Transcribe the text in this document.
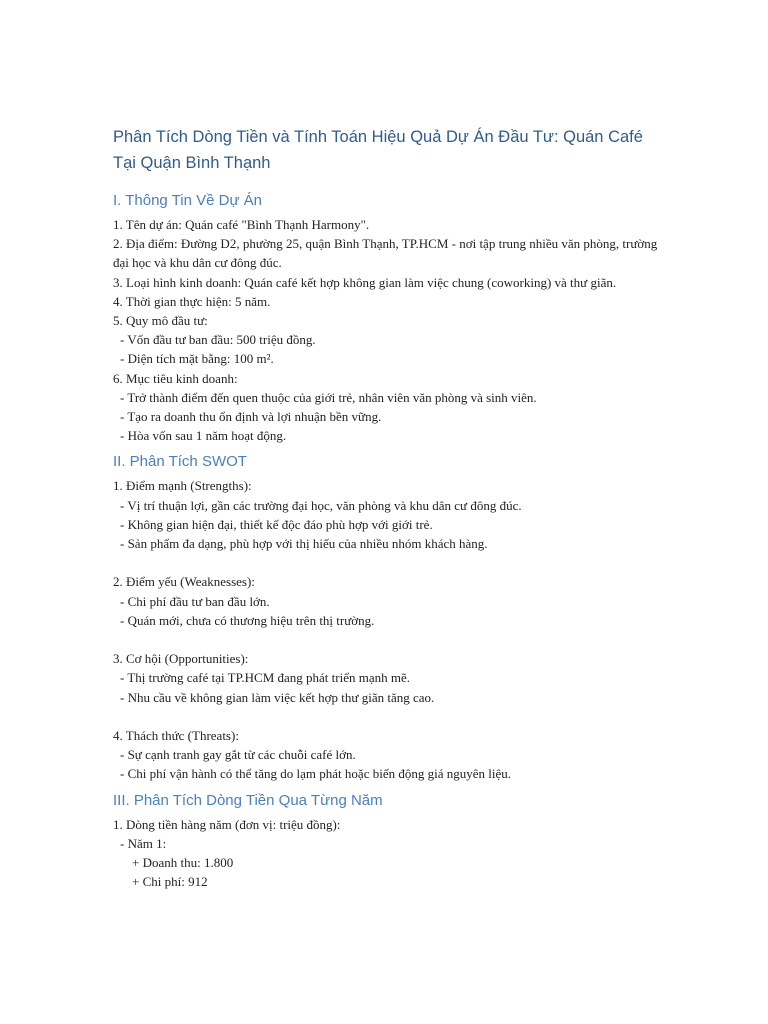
Phân Tích Dòng Tiền và Tính Toán Hiệu Quả Dự Án Đầu Tư: Quán Café Tại Quận Bình Thạnh
I. Thông Tin Về Dự Án

1. Tên dự án: Quán café "Bình Thạnh Harmony".

2. Địa điểm: Đường D2, phường 25, quận Bình Thạnh, TP.HCM - nơi tập trung nhiều văn phòng, trường đại học và khu dân cư đông đúc.

3. Loại hình kinh doanh: Quán café kết hợp không gian làm việc chung (coworking) và thư giãn.

4. Thời gian thực hiện: 5 năm.

5. Quy mô đầu tư:

- Vốn đầu tư ban đầu: 500 triệu đồng.

- Diện tích mặt bằng: 100 m².

6. Mục tiêu kinh doanh:

- Trở thành điểm đến quen thuộc của giới trẻ, nhân viên văn phòng và sinh viên.

- Tạo ra doanh thu ổn định và lợi nhuận bền vững.

- Hòa vốn sau 1 năm hoạt động.

II. Phân Tích SWOT

1. Điểm mạnh (Strengths):

- Vị trí thuận lợi, gần các trường đại học, văn phòng và khu dân cư đông đúc.

- Không gian hiện đại, thiết kế độc đáo phù hợp với giới trẻ.

- Sản phẩm đa dạng, phù hợp với thị hiếu của nhiều nhóm khách hàng.

2. Điểm yếu (Weaknesses):

- Chi phí đầu tư ban đầu lớn.

- Quán mới, chưa có thương hiệu trên thị trường.

3. Cơ hội (Opportunities):

- Thị trường café tại TP.HCM đang phát triển mạnh mẽ.

- Nhu cầu về không gian làm việc kết hợp thư giãn tăng cao.

4. Thách thức (Threats):

- Sự cạnh tranh gay gắt từ các chuỗi café lớn.

- Chi phí vận hành có thể tăng do lạm phát hoặc biến động giá nguyên liệu.

III. Phân Tích Dòng Tiền Qua Từng Năm

1. Dòng tiền hàng năm (đơn vị: triệu đồng):

- Năm 1:

+ Doanh thu: 1.800

+ Chi phí: 912
